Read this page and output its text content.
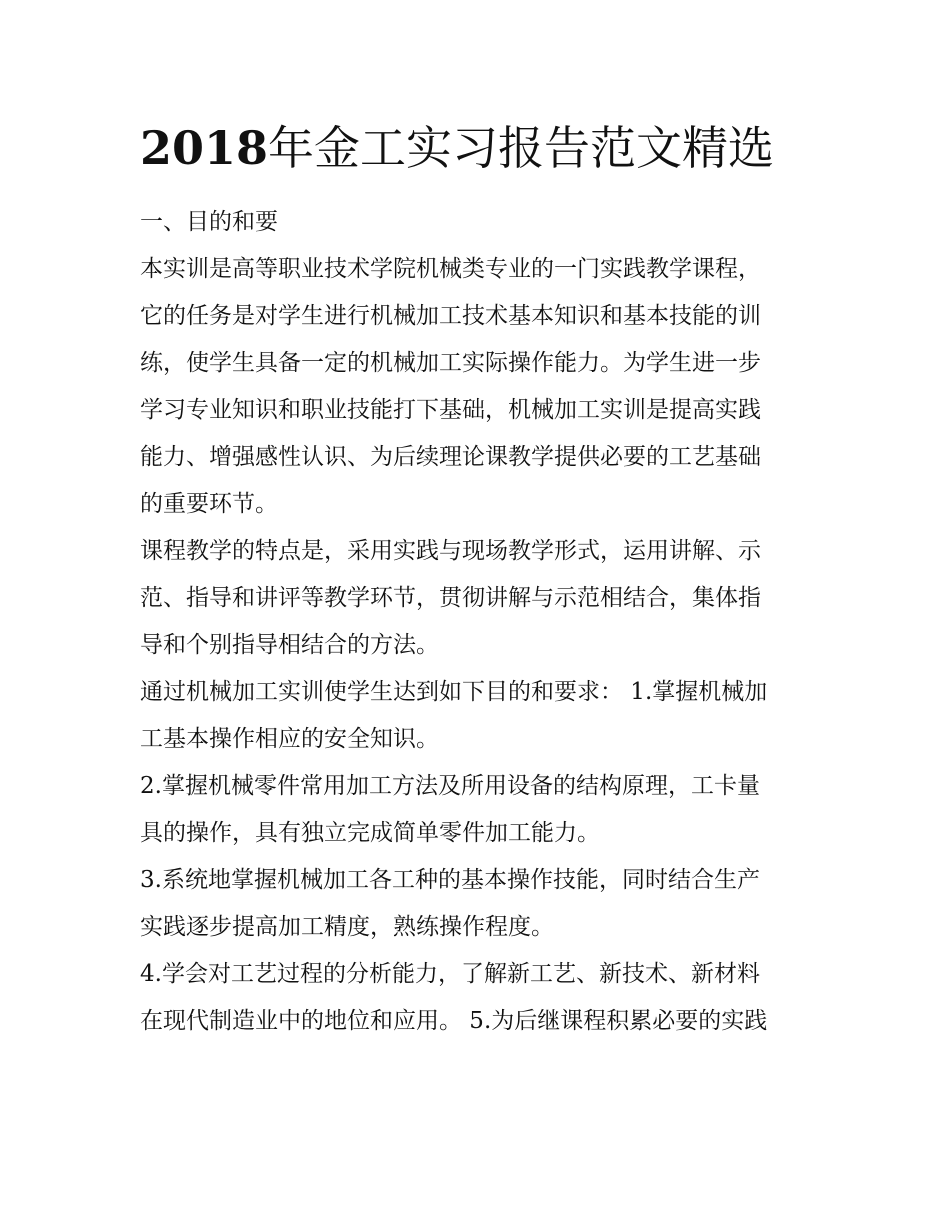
2018年金工实习报告范文精选
一、目的和要
本实训是高等职业技术学院机械类专业的一门实践教学课程，
它的任务是对学生进行机械加工技术基本知识和基本技能的训
练，使学生具备一定的机械加工实际操作能力。为学生进一步
学习专业知识和职业技能打下基础，机械加工实训是提高实践
能力、增强感性认识、为后续理论课教学提供必要的工艺基础
的重要环节。
课程教学的特点是，采用实践与现场教学形式，运用讲解、示
范、指导和讲评等教学环节，贯彻讲解与示范相结合，集体指
导和个别指导相结合的方法。
通过机械加工实训使学生达到如下目的和要求： 1.掌握机械加
工基本操作相应的安全知识。
2.掌握机械零件常用加工方法及所用设备的结构原理，工卡量
具的操作，具有独立完成简单零件加工能力。
3.系统地掌握机械加工各工种的基本操作技能，同时结合生产
实践逐步提高加工精度，熟练操作程度。
4.学会对工艺过程的分析能力，了解新工艺、新技术、新材料
在现代制造业中的地位和应用。 5.为后继课程积累必要的实践
